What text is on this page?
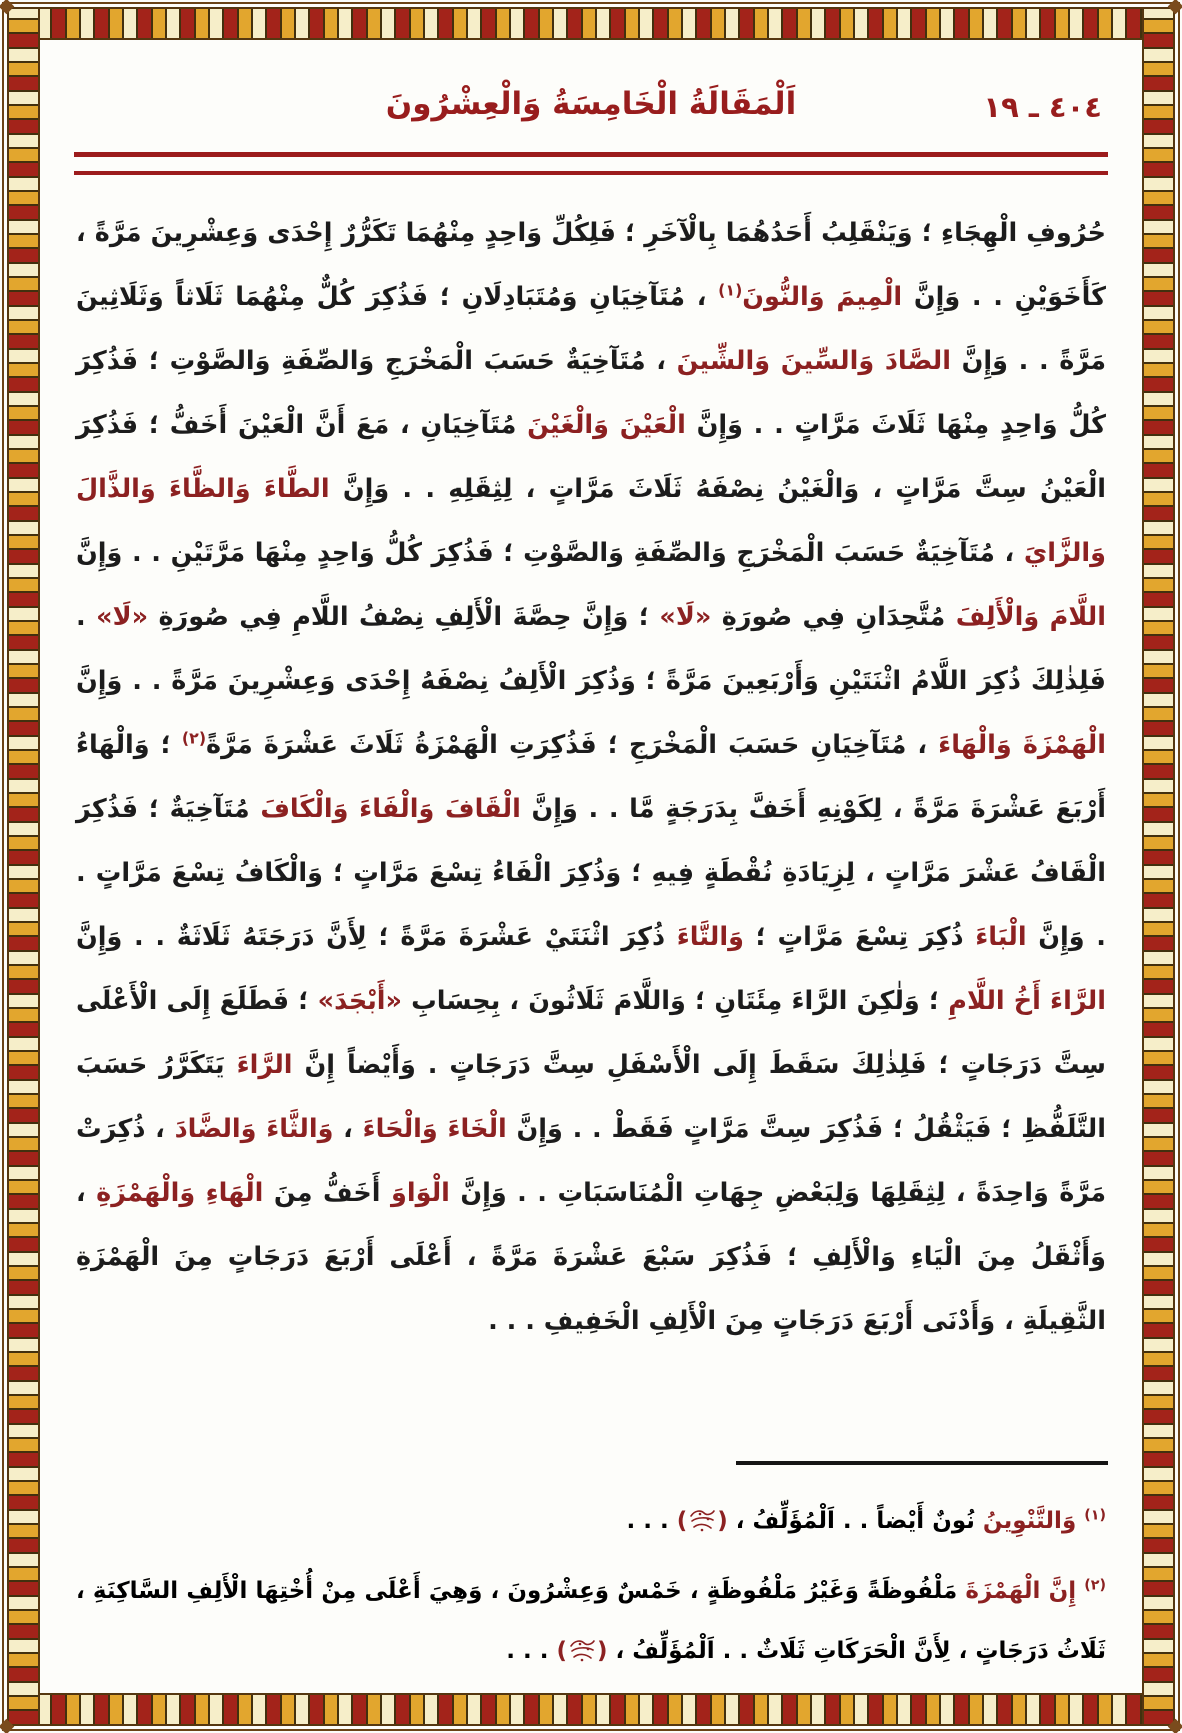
٤٠٤ ـ ١٩
اَلْمَقَالَةُ الْخَامِسَةُ وَالْعِشْرُونَ

حُرُوفِ الْهِجَاءِ ؛ وَيَنْقَلِبُ أَحَدُهُمَا بِالْآخَرِ ؛ فَلِكُلِّ وَاحِدٍ مِنْهُمَا تَكَرُّرٌ إِحْدَى وَعِشْرِينَ مَرَّةً ، كَأَخَوَيْنِ . . وَإِنَّ الْمِيمَ وَالنُّونَ$^{(١)}$ ، مُتَآخِيَانِ وَمُتَبَادِلَانِ ؛ فَذُكِرَ كُلٌّ مِنْهُمَا ثَلَاثاً وَثَلَاثِينَ مَرَّةً . . وَإِنَّ الصَّادَ وَالسِّينَ وَالشِّينَ ، مُتَآخِيَةٌ حَسَبَ الْمَخْرَجِ وَالصِّفَةِ وَالصَّوْتِ ؛ فَذُكِرَ كُلُّ وَاحِدٍ مِنْهَا ثَلَاثَ مَرَّاتٍ . . وَإِنَّ الْعَيْنَ وَالْغَيْنَ مُتَآخِيَانِ ، مَعَ أَنَّ الْعَيْنَ أَخَفُّ ؛ فَذُكِرَ الْعَيْنُ سِتَّ مَرَّاتٍ ، وَالْغَيْنُ نِصْفَهُ ثَلَاثَ مَرَّاتٍ ، لِثِقَلِهِ . . وَإِنَّ الطَّاءَ وَالظَّاءَ وَالذَّالَ وَالزَّايَ ، مُتَآخِيَةٌ حَسَبَ الْمَخْرَجِ وَالصِّفَةِ وَالصَّوْتِ ؛ فَذُكِرَ كُلُّ وَاحِدٍ مِنْهَا مَرَّتَيْنِ . . وَإِنَّ اللَّامَ وَالْأَلِفَ مُتَّحِدَانِ فِي صُورَةِ «لَا» ؛ وَإِنَّ حِصَّةَ الْأَلِفِ نِصْفُ اللَّامِ فِي صُورَةِ «لَا» . فَلِذٰلِكَ ذُكِرَ اللَّامُ اثْنَتَيْنِ وَأَرْبَعِينَ مَرَّةً ؛ وَذُكِرَ الْأَلِفُ نِصْفَهُ إِحْدَى وَعِشْرِينَ مَرَّةً . . وَإِنَّ الْهَمْزَةَ وَالْهَاءَ ، مُتَآخِيَانِ حَسَبَ الْمَخْرَجِ ؛ فَذُكِرَتِ الْهَمْزَةُ ثَلَاثَ عَشْرَةَ مَرَّةً$^{(٢)}$ ؛ وَالْهَاءُ أَرْبَعَ عَشْرَةَ مَرَّةً ، لِكَوْنِهِ أَخَفَّ بِدَرَجَةٍ مَّا . . وَإِنَّ الْقَافَ وَالْفَاءَ وَالْكَافَ مُتَآخِيَةٌ ؛ فَذُكِرَ الْقَافُ عَشْرَ مَرَّاتٍ ، لِزِيَادَةِ نُقْطَةٍ فِيهِ ؛ وَذُكِرَ الْفَاءُ تِسْعَ مَرَّاتٍ ؛ وَالْكَافُ تِسْعَ مَرَّاتٍ . . وَإِنَّ الْبَاءَ ذُكِرَ تِسْعَ مَرَّاتٍ ؛ وَالتَّاءَ ذُكِرَ اثْنَتَيْ عَشْرَةَ مَرَّةً ؛ لِأَنَّ دَرَجَتَهُ ثَلَاثَةٌ . . وَإِنَّ الرَّاءَ أَخُ اللَّامِ ؛ وَلٰكِنَ الرَّاءَ مِئَتَانِ ؛ وَاللَّامَ ثَلَاثُونَ ، بِحِسَابِ «أَبْجَدَ» ؛ فَطَلَعَ إِلَى الْأَعْلَى سِتَّ دَرَجَاتٍ ؛ فَلِذٰلِكَ سَقَطَ إِلَى الْأَسْفَلِ سِتَّ دَرَجَاتٍ . وَأَيْضاً إِنَّ الرَّاءَ يَتَكَرَّرُ حَسَبَ التَّلَفُّظِ ؛ فَيَثْقُلُ ؛ فَذُكِرَ سِتَّ مَرَّاتٍ فَقَطْ . . وَإِنَّ الْخَاءَ وَالْحَاءَ ، وَالثَّاءَ وَالضَّادَ ، ذُكِرَتْ مَرَّةً وَاحِدَةً ، لِثِقَلِهَا وَلِبَعْضِ جِهَاتِ الْمُنَاسَبَاتِ . . وَإِنَّ الْوَاوَ أَخَفُّ مِنَ الْهَاءِ وَالْهَمْزَةِ ، وَأَثْقَلُ مِنَ الْيَاءِ وَالْأَلِفِ ؛ فَذُكِرَ سَبْعَ عَشْرَةَ مَرَّةً ، أَعْلَى أَرْبَعَ دَرَجَاتٍ مِنَ الْهَمْزَةِ الثَّقِيلَةِ ، وَأَدْنَى أَرْبَعَ دَرَجَاتٍ مِنَ الْأَلِفِ الْخَفِيفِ . . .

$^{(١)}$ وَالتَّنْوِينُ نُونٌ أَيْضاً . . اَلْمُؤَلِّفُ ، (​​) . . .

$^{(٢)}$ إِنَّ الْهَمْزَةَ مَلْفُوظَةً وَغَيْرُ مَلْفُوظَةٍ ، خَمْسٌ وَعِشْرُونَ ، وَهِيَ أَعْلَى مِنْ أُخْتِهَا الْأَلِفِ السَّاكِنَةِ ، ثَلَاثُ دَرَجَاتٍ ، لِأَنَّ الْحَرَكَاتِ ثَلَاثٌ . . اَلْمُؤَلِّفُ ، (​​) . . .
